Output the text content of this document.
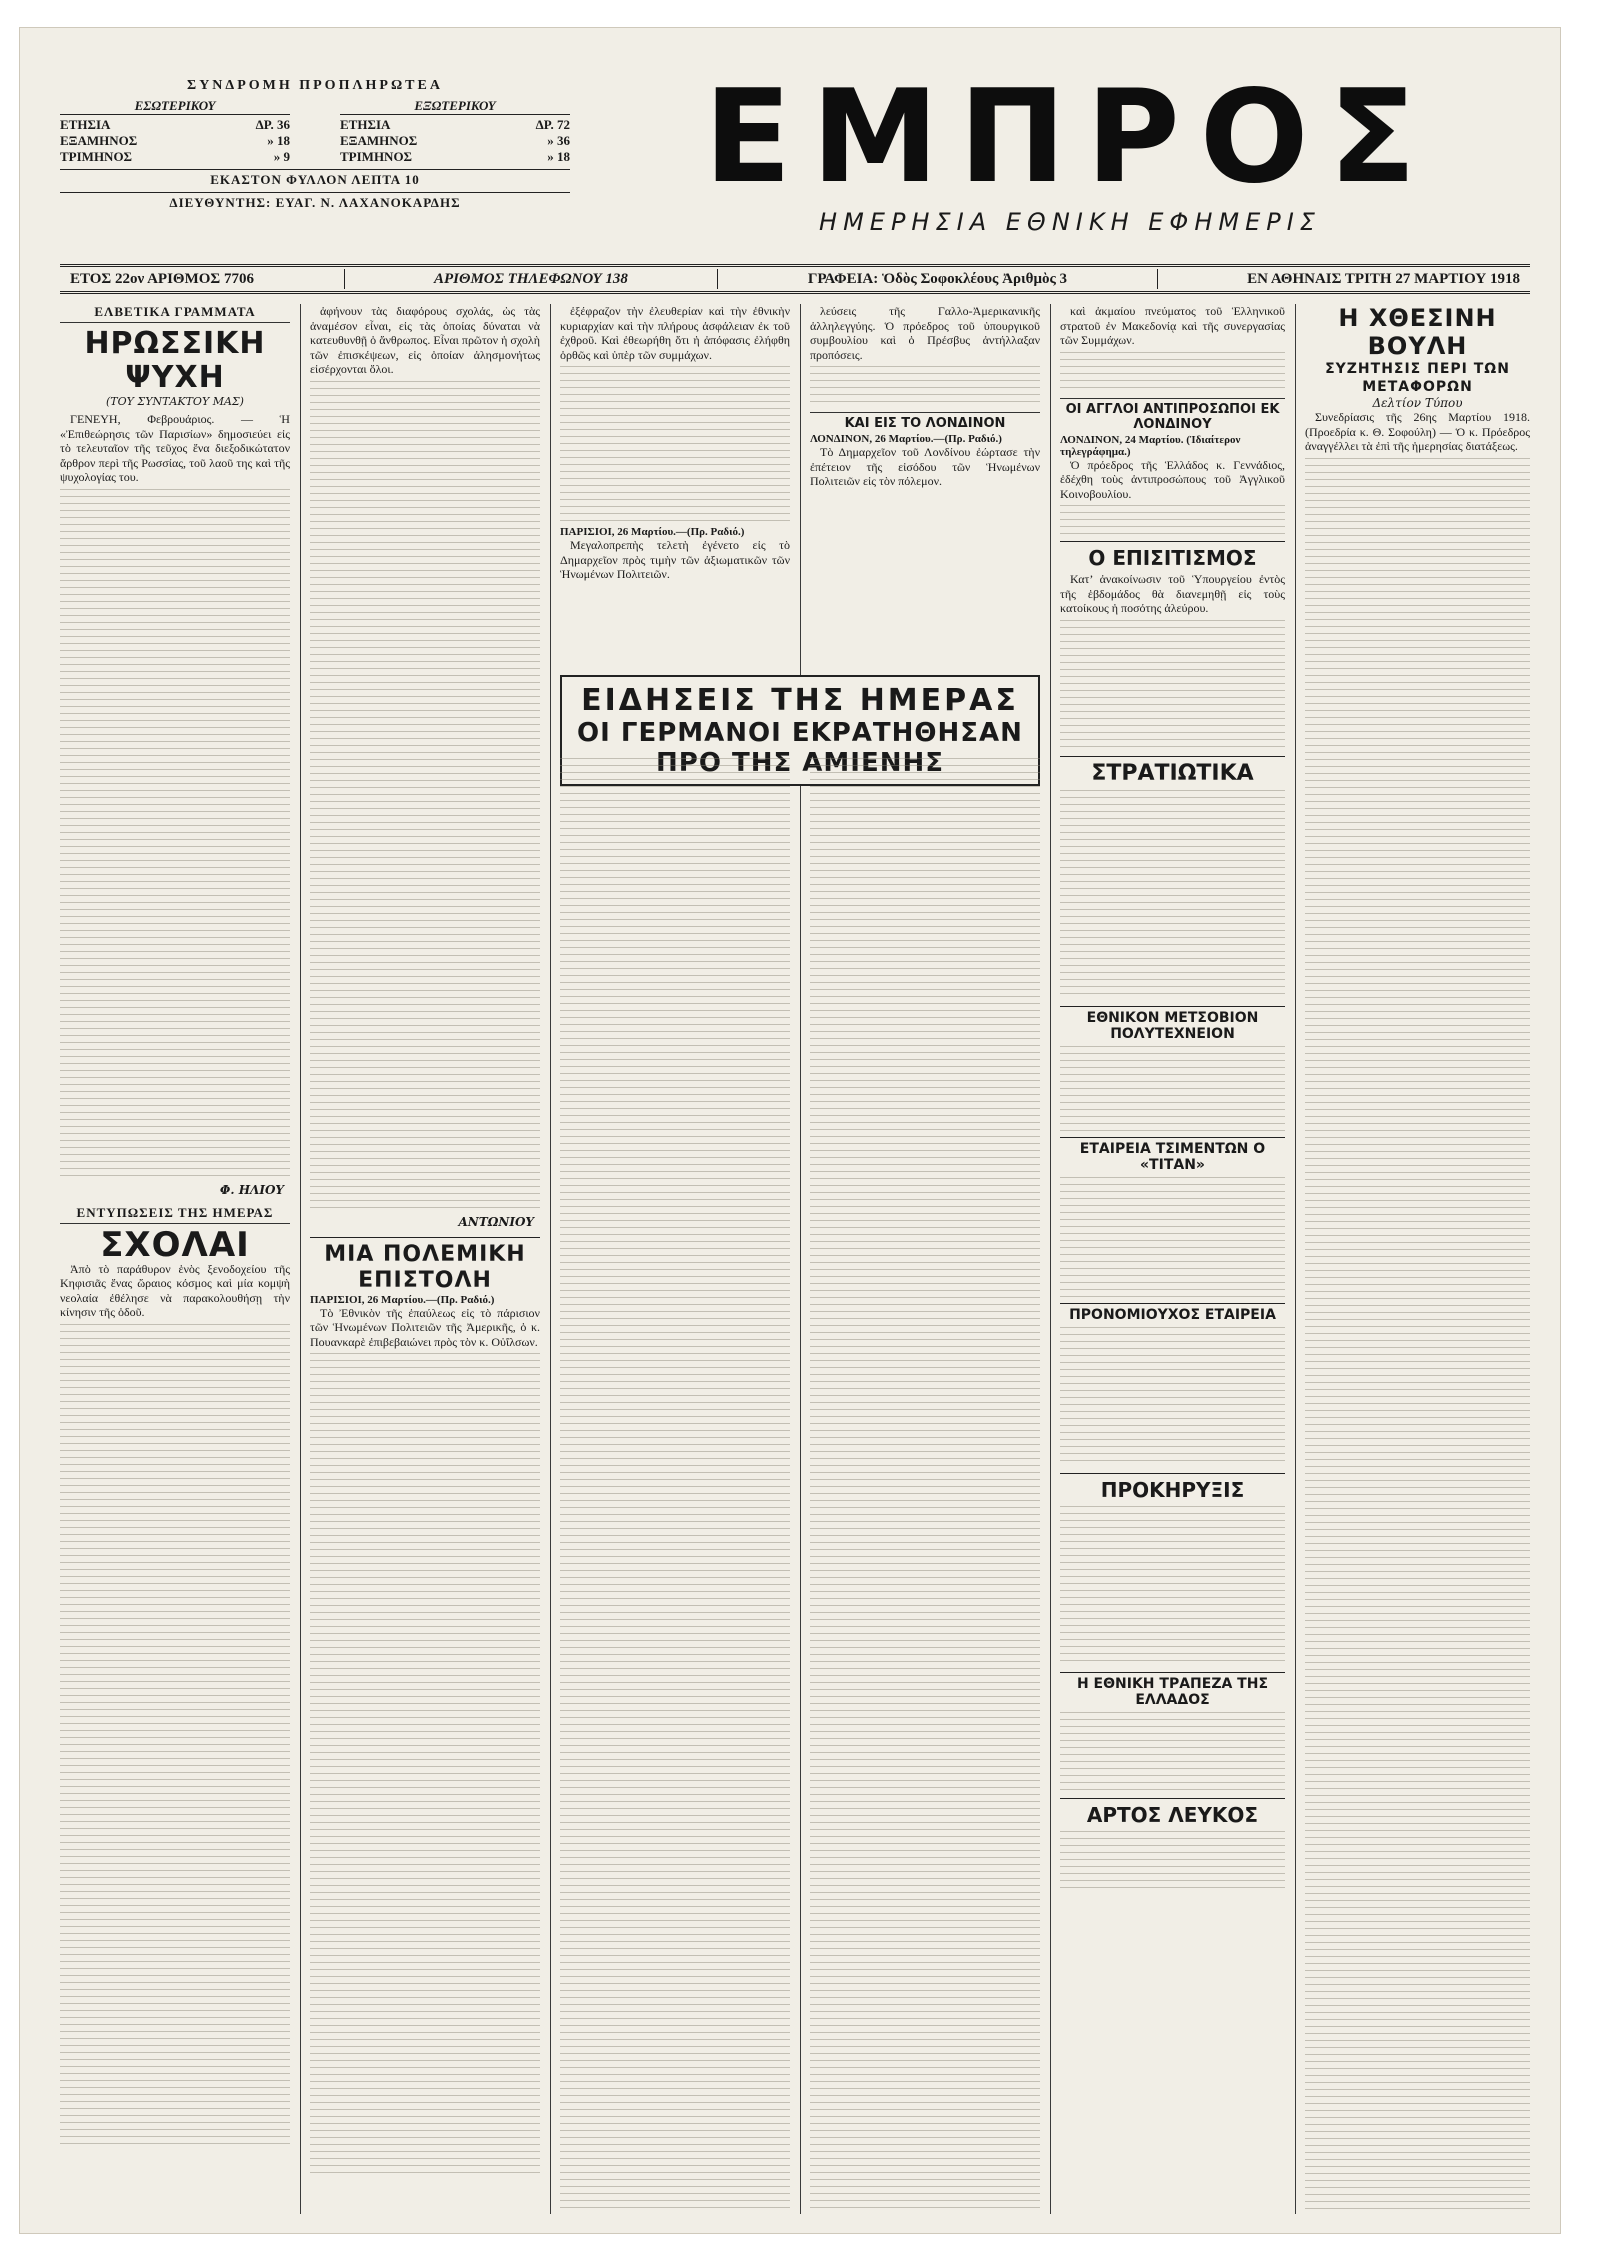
ΣΥΝΔΡΟΜΗ ΠΡΟΠΛΗΡΩΤΕΑ
ΕΣΩΤΕΡΙΚΟΥ
ΕΤΗΣΙΑ	ΔΡ. 36
ΕΞΑΜΗΝΟΣ	» 18
ΤΡΙΜΗΝΟΣ	» 9
ΕΞΩΤΕΡΙΚΟΥ
ΕΤΗΣΙΑ	ΔΡ. 72
ΕΞΑΜΗΝΟΣ	» 36
ΤΡΙΜΗΝΟΣ	» 18
ΕΚΑΣΤΟΝ ΦΥΛΛΟΝ ΛΕΠΤΑ 10
ΔΙΕΥΘΥΝΤΗΣ: ΕΥΑΓ. Ν. ΛΑΧΑΝΟΚΑΡΔΗΣ	ΕΜΠΡΟΣ
ΗΜΕΡΗΣΙΑ ΕΘΝΙΚΗ ΕΦΗΜΕΡΙΣ
ΕΤΟΣ 22ον ΑΡΙΘΜΟΣ 7706	ΑΡΙΘΜΟΣ ΤΗΛΕΦΩΝΟΥ 138	ΓΡΑΦΕΙΑ: Ὁδὸς Σοφοκλέους Ἀριθμὸς 3	ΕΝ ΑΘΗΝΑΙΣ ΤΡΙΤΗ 27 ΜΑΡΤΙΟΥ 1918
ΕΛΒΕΤΙΚΑ ΓΡΑΜΜΑΤΑ
ΗΡΩΣΣΙΚΗ ΨΥΧΗ
(ΤΟΥ ΣΥΝΤΑΚΤΟΥ ΜΑΣ)

ΓΕΝΕΥΗ, Φεβρουάριος. — Ἡ «Ἐπιθεώρησις τῶν Παρισίων» δημοσιεύει εἰς τὸ τελευταῖον τῆς τεῦχος ἕνα διεξοδικώτατον ἄρθρον περὶ τῆς Ρωσσίας, τοῦ λαοῦ της καὶ τῆς ψυχολογίας του.

Φ. ΗΛΙΟΥ
ΕΝΤΥΠΩΣΕΙΣ ΤΗΣ ΗΜΕΡΑΣ
ΣΧΟΛΑΙ

Ἀπὸ τὸ παράθυρον ἑνὸς ξενοδοχείου τῆς Κηφισιᾶς ἕνας ὥραιος κόσμος καὶ μία κομψὴ νεολαία ἐθέλησε νὰ παρακολουθήσῃ τὴν κίνησιν τῆς ὁδοῦ.

ἀφήνουν τὰς διαφόρους σχολάς, ὡς τὰς ἀναμέσον εἶναι, εἰς τὰς ὁποίας δύναται νὰ κατευθυνθῇ ὁ ἄνθρωπος. Εἶναι πρῶτον ἡ σχολὴ τῶν ἐπισκέψεων, εἰς ὁποίαν ἀλησμονήτως εἰσέρχονται ὅλοι.

ΑΝΤΩΝΙΟΥ
ΜΙΑ ΠΟΛΕΜΙΚΗ ΕΠΙΣΤΟΛΗ
ΠΑΡΙΣΙΟΙ, 26 Μαρτίου.—(Πρ. Ραδιό.)

Τὸ Ἐθνικὸν τῆς ἐπαύλεως εἰς τὸ πάρισιον τῶν Ἡνωμένων Πολιτειῶν τῆς Ἀμερικῆς, ὁ κ. Πουανκαρὲ ἐπιβεβαιώνει πρὸς τὸν κ. Οὐΐλσων.

ἐξέφραζον τὴν ἐλευθερίαν καὶ τὴν ἐθνικὴν κυριαρχίαν καὶ τὴν πλήρους ἀσφάλειαν ἐκ τοῦ ἐχθροῦ. Καὶ ἐθεωρήθη ὅτι ἡ ἀπόφασις ἐλήφθη ὀρθῶς καὶ ὑπὲρ τῶν συμμάχων.

ΠΑΡΙΣΙΟΙ, 26 Μαρτίου.—(Πρ. Ραδιό.)

Μεγαλοπρεπὴς τελετὴ ἐγένετο εἰς τὸ Δημαρχεῖον πρὸς τιμὴν τῶν ἀξιωματικῶν τῶν Ἡνωμένων Πολιτειῶν.

λεύσεις τῆς Γαλλο-Ἀμερικανικῆς ἀλληλεγγύης. Ὁ πρόεδρος τοῦ ὑπουργικοῦ συμβουλίου καὶ ὁ Πρέσβυς ἀντήλλαξαν προπόσεις.

ΚΑΙ ΕΙΣ ΤΟ ΛΟΝΔΙΝΟΝ
ΛΟΝΔΙΝΟΝ, 26 Μαρτίου.—(Πρ. Ραδιό.)

Τὸ Δημαρχεῖον τοῦ Λονδίνου ἐώρτασε τὴν ἐπέτειον τῆς εἰσόδου τῶν Ἡνωμένων Πολιτειῶν εἰς τὸν πόλεμον.

ΕΙΔΗΣΕΙΣ ΤΗΣ ΗΜΕΡΑΣ
ΟΙ ΓΕΡΜΑΝΟΙ ΕΚΡΑΤΗΘΗΣΑΝ ΠΡΟ ΤΗΣ ΑΜΙΕΝΗΣ

καὶ ἀκμαίου πνεύματος τοῦ Ἑλληνικοῦ στρατοῦ ἐν Μακεδονίᾳ καὶ τῆς συνεργασίας τῶν Συμμάχων.

ΟΙ ΑΓΓΛΟΙ ΑΝΤΙΠΡΟΣΩΠΟΙ ΕΚ ΛΟΝΔΙΝΟΥ
ΛΟΝΔΙΝΟΝ, 24 Μαρτίου. (Ἰδιαίτερον τηλεγράφημα.)

Ὁ πρόεδρος τῆς Ἑλλάδος κ. Γεννάδιος, ἐδέχθη τοὺς ἀντιπροσώπους τοῦ Ἀγγλικοῦ Κοινοβουλίου.

Ο ΕΠΙΣΙΤΙΣΜΟΣ

Κατ’ ἀνακοίνωσιν τοῦ Ὑπουργείου ἐντὸς τῆς ἑβδομάδος θὰ διανεμηθῇ εἰς τοὺς κατοίκους ἡ ποσότης ἀλεύρου.

ΣΤΡΑΤΙΩΤΙΚΑ
ΕΘΝΙΚΟΝ ΜΕΤΣΟΒΙΟΝ ΠΟΛΥΤΕΧΝΕΙΟΝ
ΕΤΑΙΡΕΙΑ ΤΣΙΜΕΝΤΩΝ Ο «ΤΙΤΑΝ»
ΠΡΟΝΟΜΙΟΥΧΟΣ ΕΤΑΙΡΕΙΑ
ΠΡΟΚΗΡΥΞΙΣ
Η ΕΘΝΙΚΗ ΤΡΑΠΕΖΑ ΤΗΣ ΕΛΛΑΔΟΣ
ΑΡΤΟΣ ΛΕΥΚΟΣ
Η ΧΘΕΣΙΝΗ ΒΟΥΛΗ
ΣΥΖΗΤΗΣΙΣ ΠΕΡΙ ΤΩΝ ΜΕΤΑΦΟΡΩΝ
Δελτίον Τύπου

Συνεδρίασις τῆς 26ης Μαρτίου 1918. (Προεδρία κ. Θ. Σοφούλη) — Ὁ κ. Πρόεδρος ἀναγγέλλει τὰ ἐπὶ τῆς ἡμερησίας διατάξεως.
